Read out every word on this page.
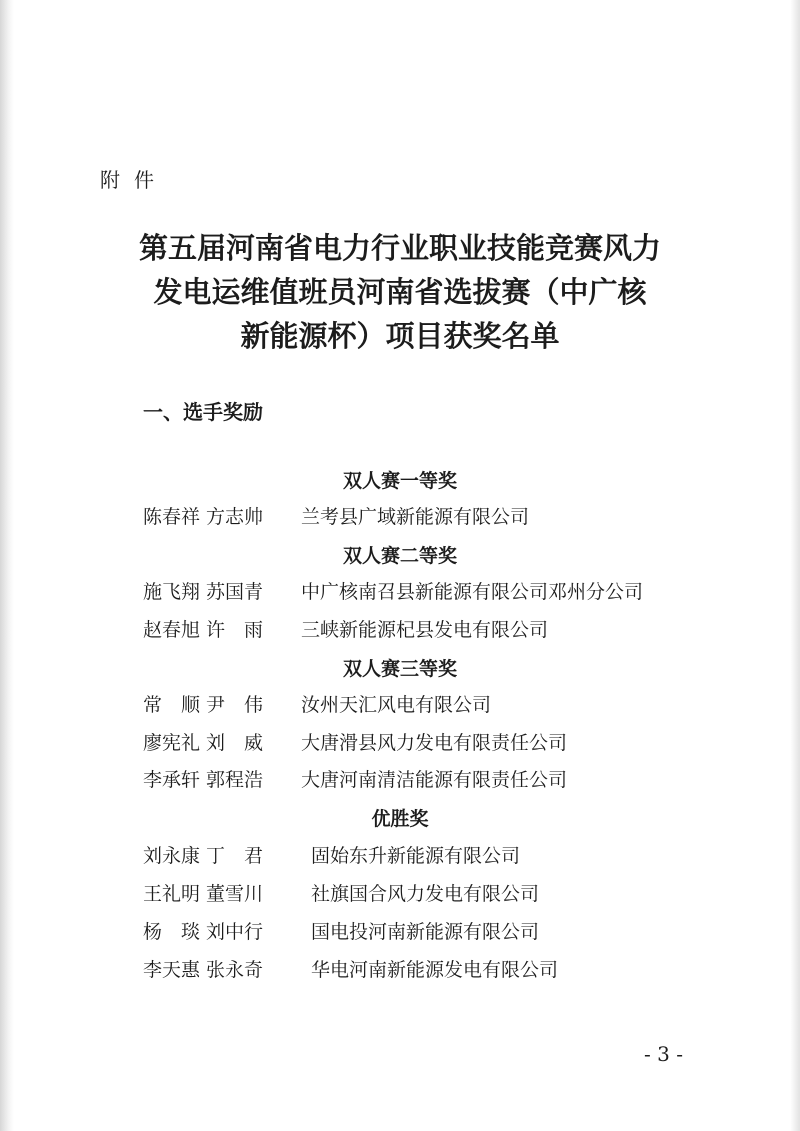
附件

第五届河南省电力行业职业技能竞赛风力
发电运维值班员河南省选拔赛（中广核
新能源杯）项目获奖名单
一、选手奖励
双人赛一等奖
陈春祥 方志帅 兰考县广域新能源有限公司
双人赛二等奖
施飞翔 苏国青 中广核南召县新能源有限公司邓州分公司
赵春旭 许　雨 三峡新能源杞县发电有限公司
双人赛三等奖
常　顺 尹　伟 汝州天汇风电有限公司
廖宪礼 刘　威 大唐滑县风力发电有限责任公司
李承轩 郭程浩 大唐河南清洁能源有限责任公司
优胜奖
刘永康 丁　君	固始东升新能源有限公司
王礼明 董雪川	社旗国合风力发电有限公司
杨　琰 刘中行	国电投河南新能源有限公司
李天惠 张永奇	华电河南新能源发电有限公司
- 3 -
